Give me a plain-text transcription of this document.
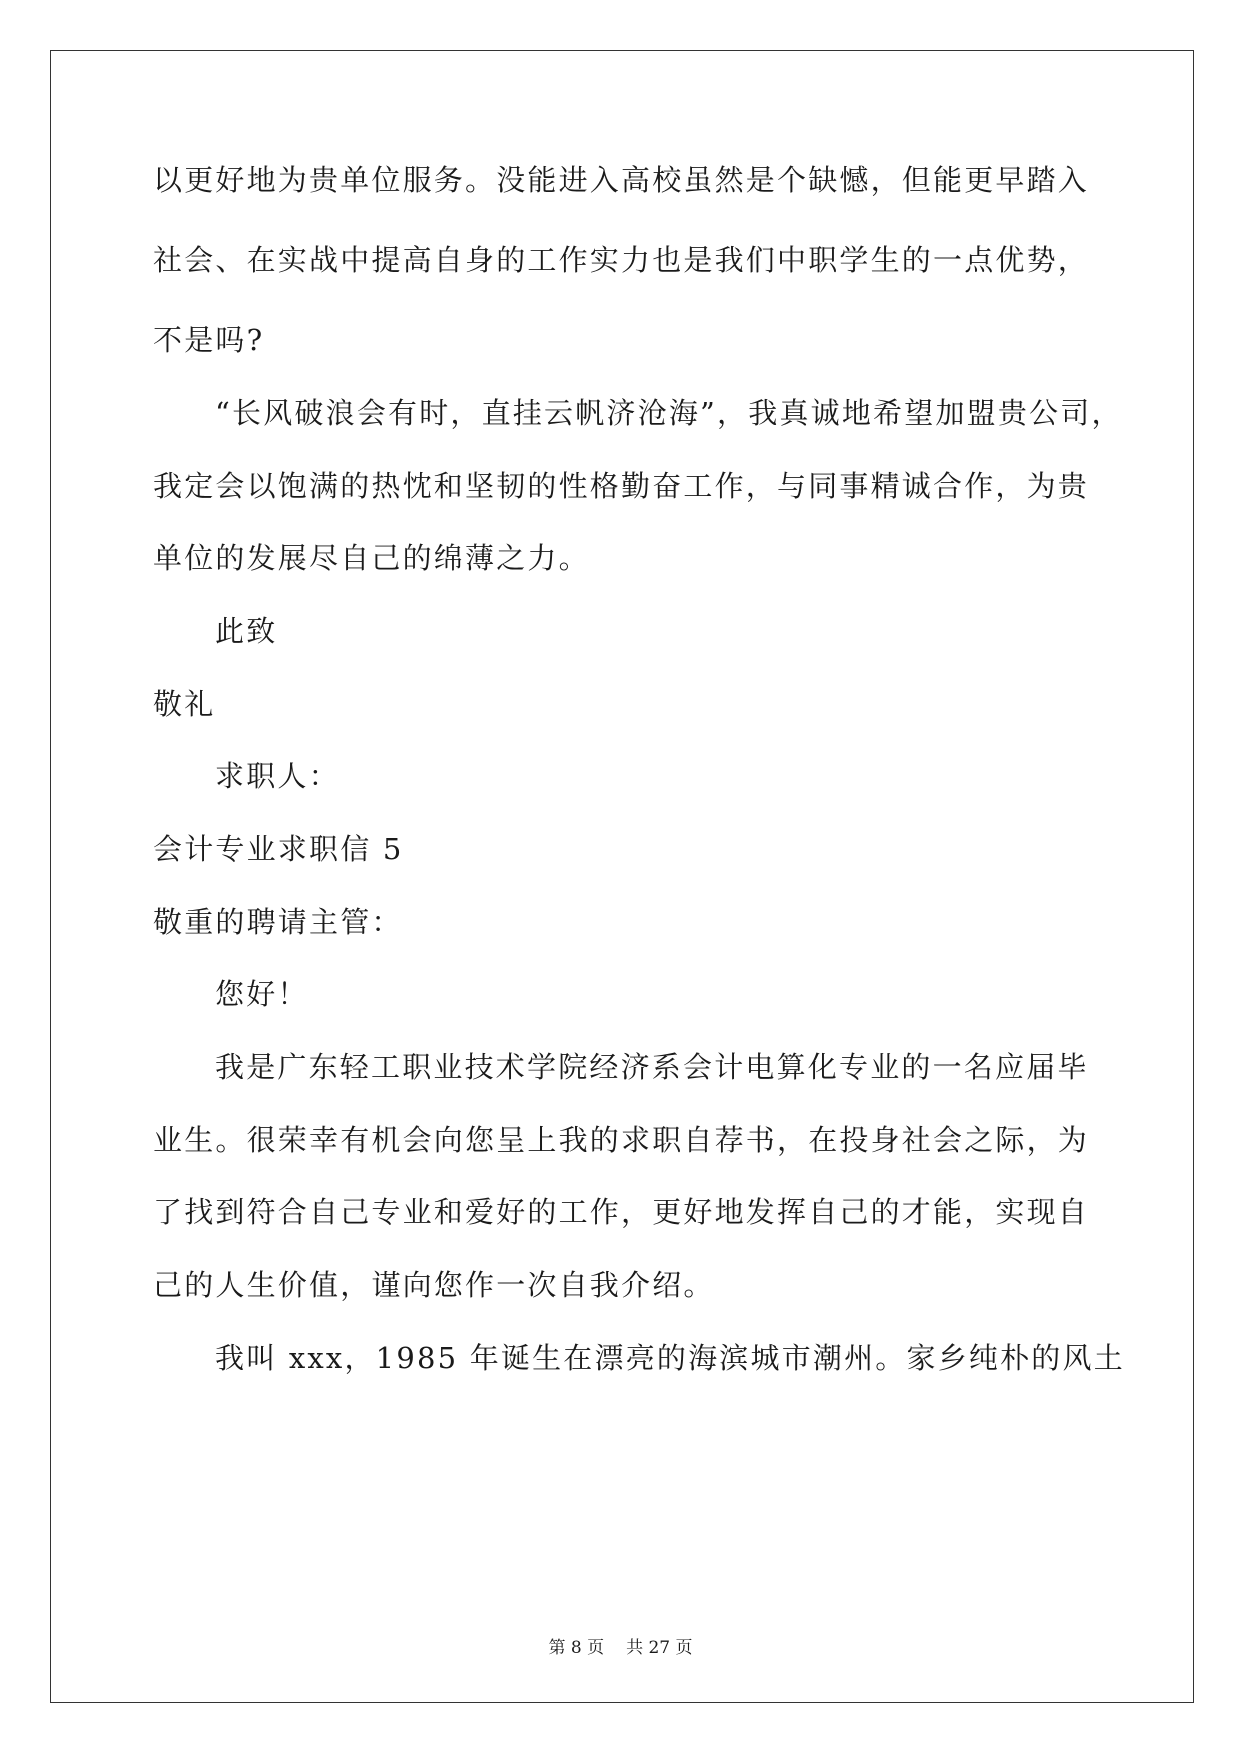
以更好地为贵单位服务。没能进入高校虽然是个缺憾，但能更早踏入
社会、在实战中提高自身的工作实力也是我们中职学生的一点优势，
不是吗?
“长风破浪会有时，直挂云帆济沧海”，我真诚地希望加盟贵公司，
我定会以饱满的热忱和坚韧的性格勤奋工作，与同事精诚合作，为贵
单位的发展尽自己的绵薄之力。
此致
敬礼
求职人：
会计专业求职信 5
敬重的聘请主管：
您好！
我是广东轻工职业技术学院经济系会计电算化专业的一名应届毕
业生。很荣幸有机会向您呈上我的求职自荐书，在投身社会之际，为
了找到符合自己专业和爱好的工作，更好地发挥自己的才能，实现自
己的人生价值，谨向您作一次自我介绍。
我叫 xxx，1985 年诞生在漂亮的海滨城市潮州。家乡纯朴的风土
第 8 页 共 27 页
